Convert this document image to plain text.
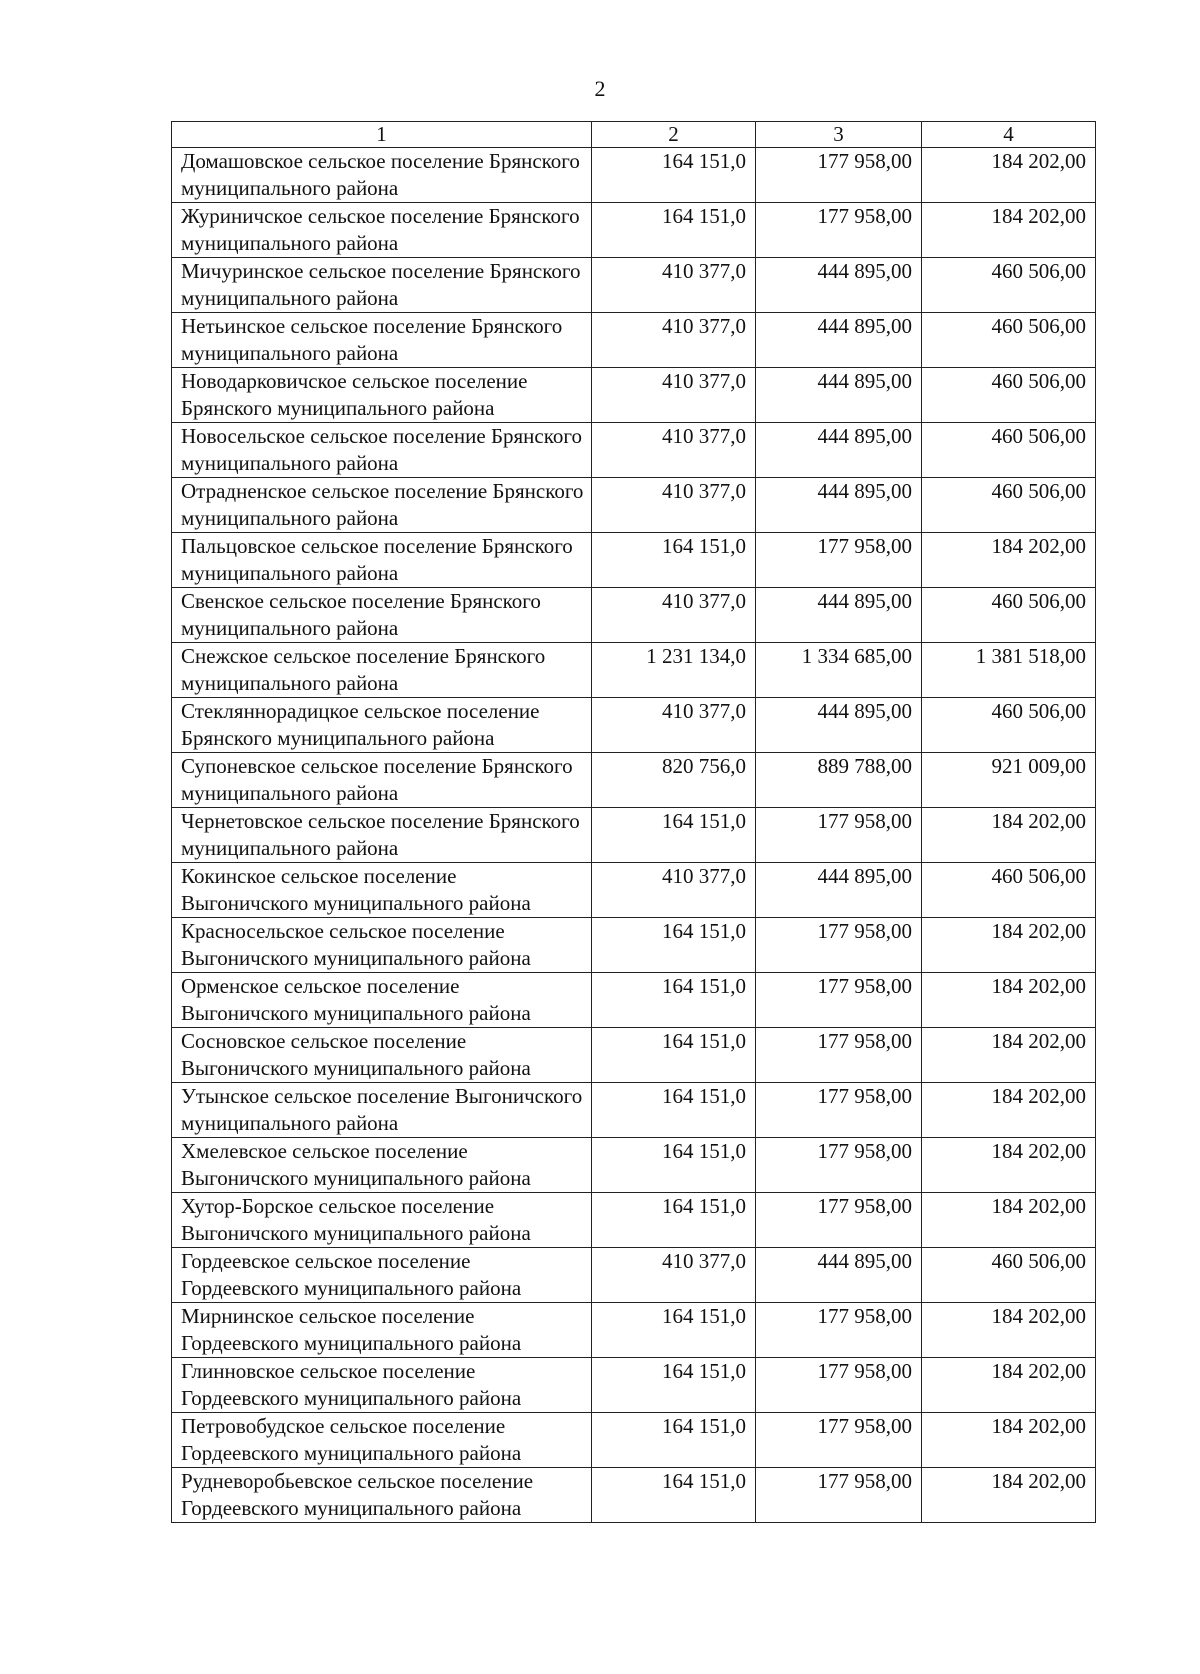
2
1	2	3	4
Домашовское сельское поселение Брянского муниципального района	164 151,0	177 958,00	184 202,00
Журиничское сельское поселение Брянского муниципального района	164 151,0	177 958,00	184 202,00
Мичуринское сельское поселение Брянского муниципального района	410 377,0	444 895,00	460 506,00
Нетьинское сельское поселение Брянского муниципального района	410 377,0	444 895,00	460 506,00
Новодарковичское сельское поселение Брянского муниципального района	410 377,0	444 895,00	460 506,00
Новосельское сельское поселение Брянского муниципального района	410 377,0	444 895,00	460 506,00
Отрадненское сельское поселение Брянского муниципального района	410 377,0	444 895,00	460 506,00
Пальцовское сельское поселение Брянского муниципального района	164 151,0	177 958,00	184 202,00
Свенское сельское поселение Брянского муниципального района	410 377,0	444 895,00	460 506,00
Снежское сельское поселение Брянского муниципального района	1 231 134,0	1 334 685,00	1 381 518,00
Стекляннорадицкое сельское поселение Брянского муниципального района	410 377,0	444 895,00	460 506,00
Супоневское сельское поселение Брянского муниципального района	820 756,0	889 788,00	921 009,00
Чернетовское сельское поселение Брянского муниципального района	164 151,0	177 958,00	184 202,00
Кокинское сельское поселение Выгоничского муниципального района	410 377,0	444 895,00	460 506,00
Красносельское сельское поселение Выгоничского муниципального района	164 151,0	177 958,00	184 202,00
Орменское сельское поселение Выгоничского муниципального района	164 151,0	177 958,00	184 202,00
Сосновское сельское поселение Выгоничского муниципального района	164 151,0	177 958,00	184 202,00
Утынское сельское поселение Выгоничского муниципального района	164 151,0	177 958,00	184 202,00
Хмелевское сельское поселение Выгоничского муниципального района	164 151,0	177 958,00	184 202,00
Хутор-Борское сельское поселение Выгоничского муниципального района	164 151,0	177 958,00	184 202,00
Гордеевское сельское поселение Гордеевского муниципального района	410 377,0	444 895,00	460 506,00
Мирнинское сельское поселение Гордеевского муниципального района	164 151,0	177 958,00	184 202,00
Глинновское сельское поселение Гордеевского муниципального района	164 151,0	177 958,00	184 202,00
Петровобудское сельское поселение Гордеевского муниципального района	164 151,0	177 958,00	184 202,00
Рудневоробьевское сельское поселение Гордеевского муниципального района	164 151,0	177 958,00	184 202,00
